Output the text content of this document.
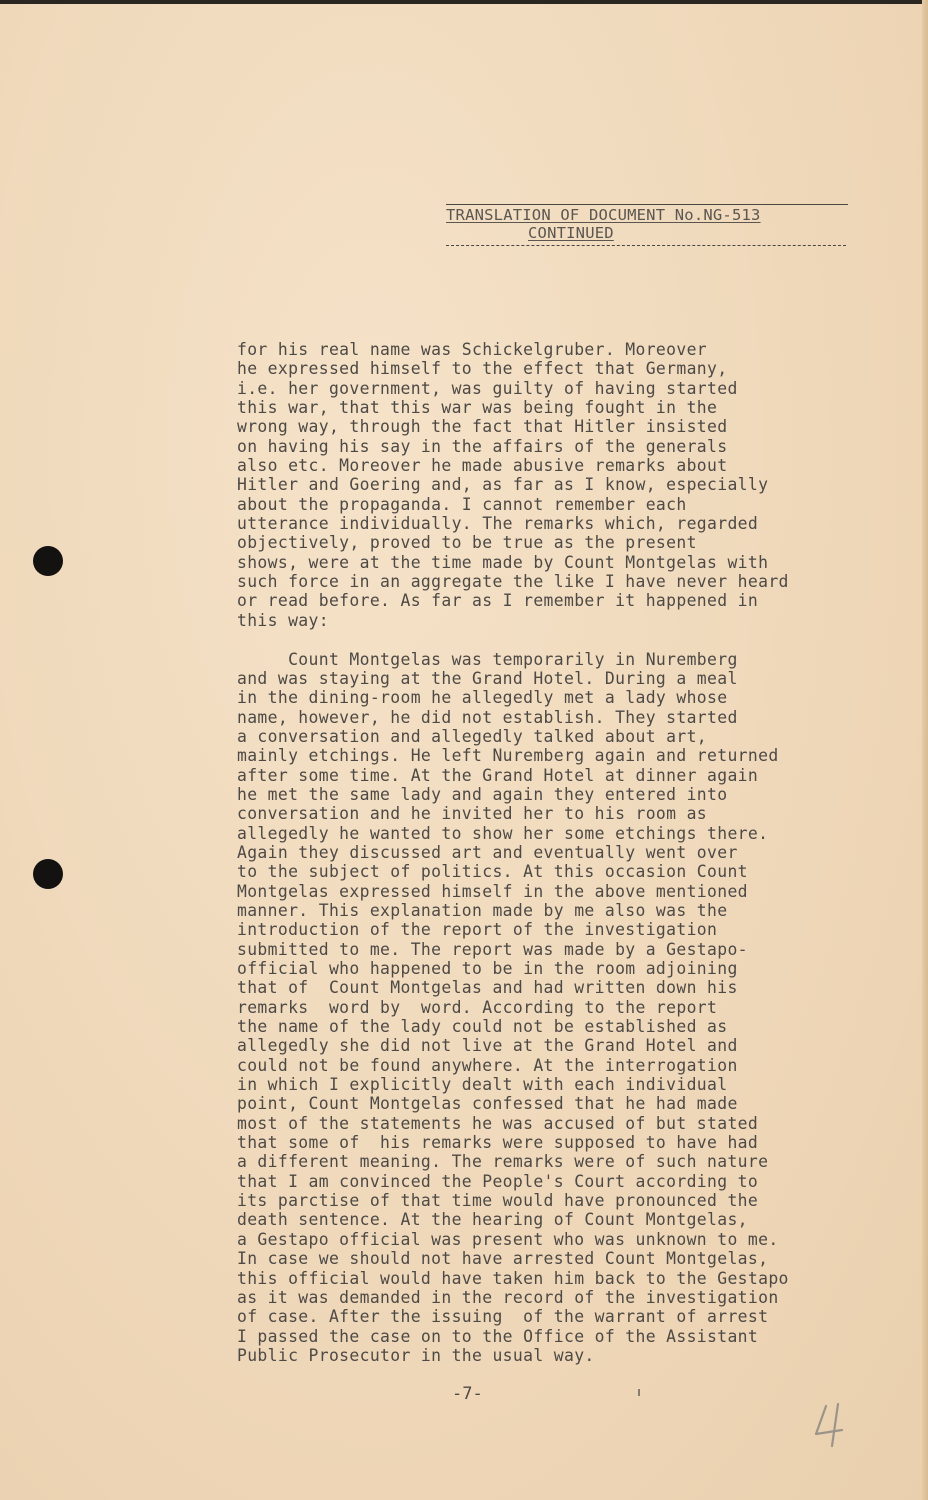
TRANSLATION OF DOCUMENT No.NG-513
CONTINUED
for his real name was Schickelgruber. Moreover
he expressed himself to the effect that Germany,
i.e. her government, was guilty of having started
this war, that this war was being fought in the
wrong way, through the fact that Hitler insisted
on having his say in the affairs of the generals
also etc. Moreover he made abusive remarks about
Hitler and Goering and, as far as I know, especially
about the propaganda. I cannot remember each
utterance individually. The remarks which, regarded
objectively, proved to be true as the present
shows, were at the time made by Count Montgelas with
such force in an aggregate the like I have never heard
or read before. As far as I remember it happened in
this way:
Count Montgelas was temporarily in Nuremberg
and was staying at the Grand Hotel. During a meal
in the dining-room he allegedly met a lady whose
name, however, he did not establish. They started
a conversation and allegedly talked about art,
mainly etchings. He left Nuremberg again and returned
after some time. At the Grand Hotel at dinner again
he met the same lady and again they entered into
conversation and he invited her to his room as
allegedly he wanted to show her some etchings there.
Again they discussed art and eventually went over
to the subject of politics. At this occasion Count
Montgelas expressed himself in the above mentioned
manner. This explanation made by me also was the
introduction of the report of the investigation
submitted to me. The report was made by a Gestapo-
official who happened to be in the room adjoining
that of  Count Montgelas and had written down his
remarks  word by  word. According to the report
the name of the lady could not be established as
allegedly she did not live at the Grand Hotel and
could not be found anywhere. At the interrogation
in which I explicitly dealt with each individual
point, Count Montgelas confessed that he had made
most of the statements he was accused of but stated
that some of  his remarks were supposed to have had
a different meaning. The remarks were of such nature
that I am convinced the People's Court according to
its parctise of that time would have pronounced the
death sentence. At the hearing of Count Montgelas,
a Gestapo official was present who was unknown to me.
In case we should not have arrested Count Montgelas,
this official would have taken him back to the Gestapo
as it was demanded in the record of the investigation
of case. After the issuing  of the warrant of arrest
I passed the case on to the Office of the Assistant
Public Prosecutor in the usual way.
-7-
